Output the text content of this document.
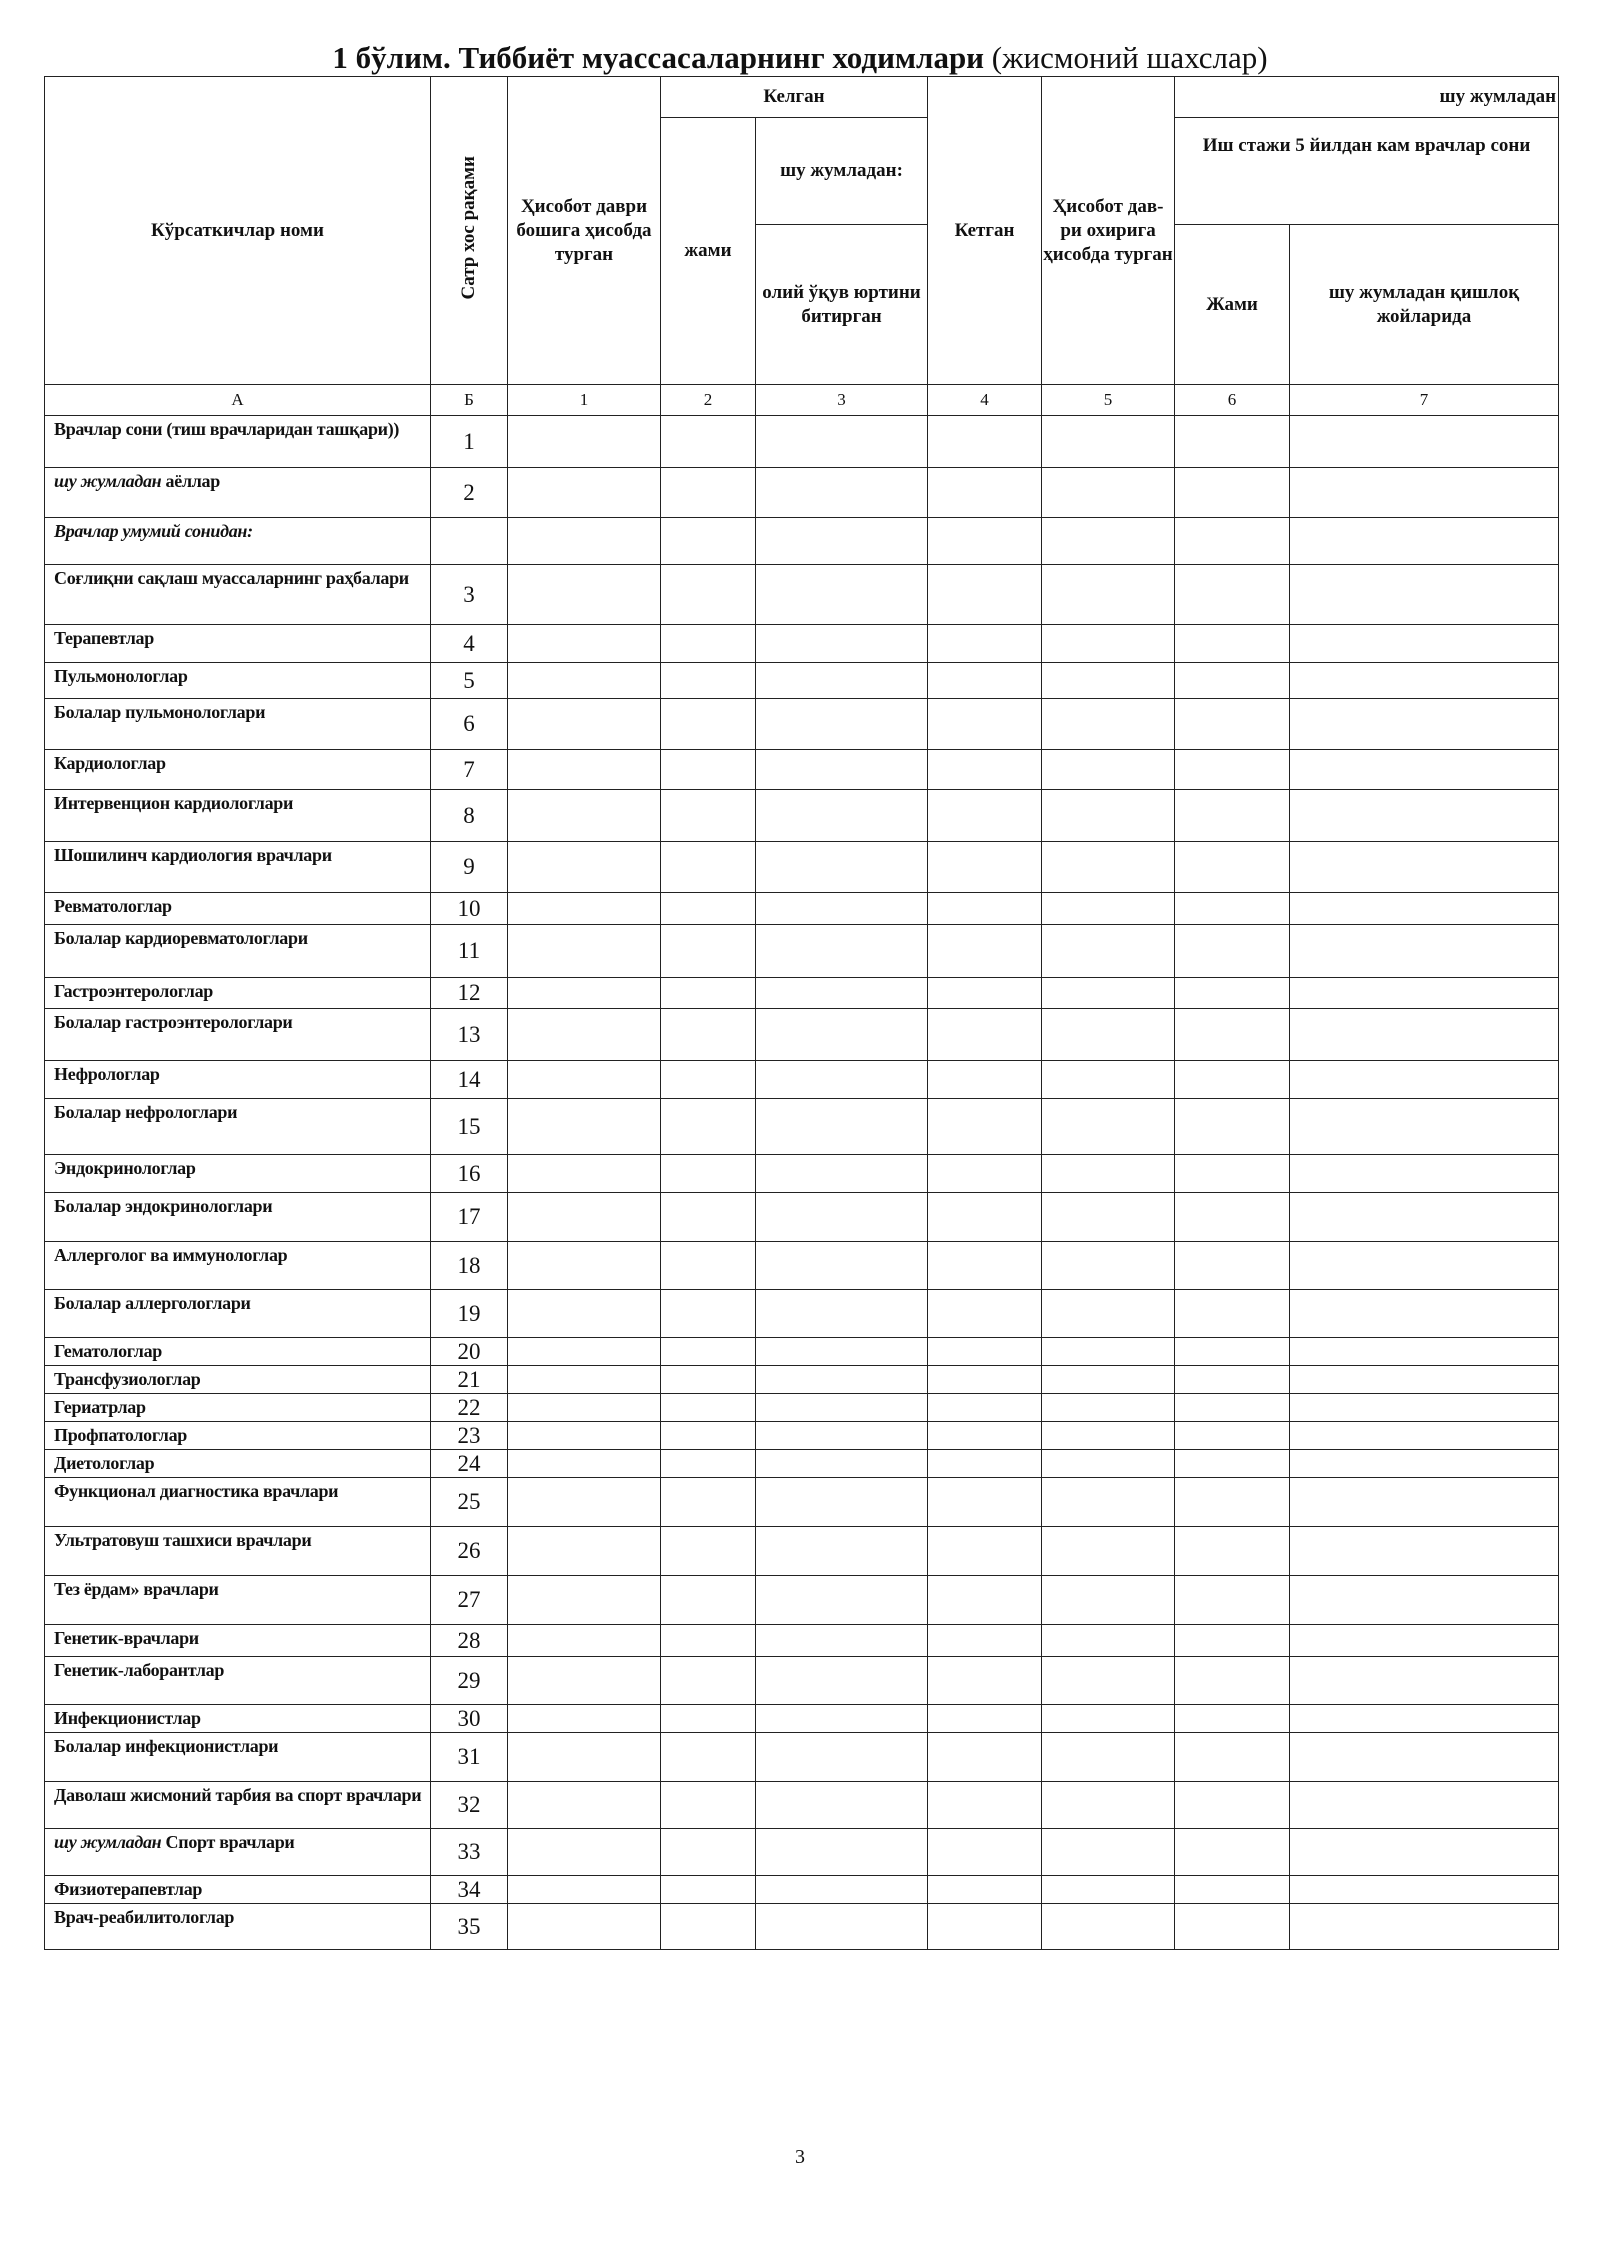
1 бўлим. Тиббиёт муассасаларнинг ходимлари (жисмоний шахслар)
Кўрсаткичлар номи	Сатр хос рақами	Ҳисобот даври бошига ҳисобда турган	Келган		Кетган	Ҳисобот дав-ри охирига ҳисобда турган	шу жумладан	
			жами	шу жумладан:			Иш стажи 5 йилдан кам врачлар сони	
				олий ўқув юртини битирган			Жами	шу жумладан қишлоқ жойларида
А	Б	1	2	3	4	5	6	7
Врачлар сони (тиш врачларидан ташқари))	1							
шу жумладан аёллар	2							
Врачлар умумий сонидан:								
Соғлиқни сақлаш муассаларнинг раҳбалари	3							
Терапевтлар	4							
Пульмонологлар	5							
Болалар пульмонологлари	6							
Кардиологлар	7							
Интервенцион кардиологлари	8							
Шошилинч кардиология врачлари	9							
Ревматологлар	10							
Болалар кардиоревматологлари	11							
Гастроэнтерологлар	12							
Болалар гастроэнтерологлари	13							
Нефрологлар	14							
Болалар нефрологлари	15							
Эндокринологлар	16							
Болалар эндокринологлари	17							
Аллерголог ва иммунологлар	18							
Болалар аллергологлари	19							
Гематологлар	20							
Трансфузиологлар	21							
Гериатрлар	22							
Профпатологлар	23							
Диетологлар	24							
Функционал диагностика врачлари	25							
Ультратовуш ташхиси врачлари	26							
Тез ёрдам» врачлари	27							
Генетик-врачлари	28							
Генетик-лаборантлар	29							
Инфекционистлар	30							
Болалар инфекционистлари	31							
Даволаш жисмоний тарбия ва спорт врачлари	32							
шу жумладан Спорт врачлари	33							
Физиотерапевтлар	34							
Врач-реабилитологлар	35							
3
